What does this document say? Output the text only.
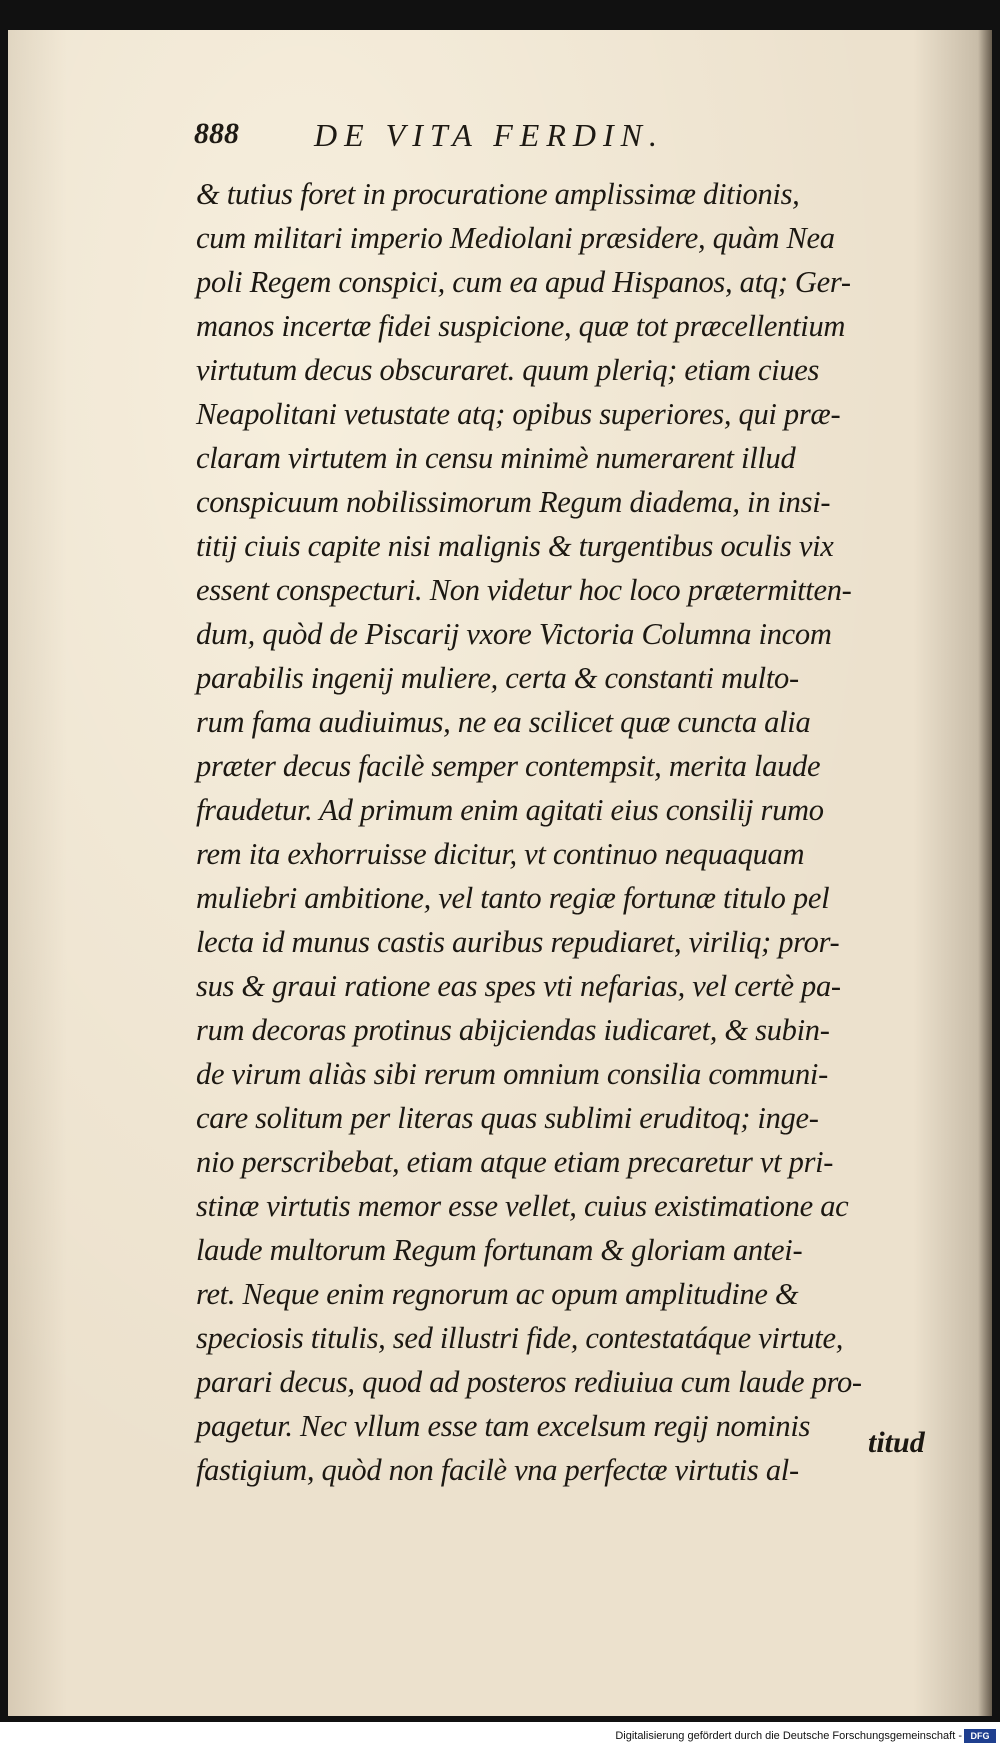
888 DE VITA FERDIN.
& tutius foret in procuratione amplissimæ ditionis,
cum militari imperio Mediolani præsidere, quàm Nea
poli Regem conspici, cum ea apud Hispanos, atq; Ger-
manos incertæ fidei suspicione, quæ tot præcellentium
virtutum decus obscuraret. quum pleriq; etiam ciues
Neapolitani vetustate atq; opibus superiores, qui præ-
claram virtutem in censu minimè numerarent illud
conspicuum nobilissimorum Regum diadema, in insi-
titij ciuis capite nisi malignis & turgentibus oculis vix
essent conspecturi. Non videtur hoc loco prætermitten-
dum, quòd de Piscarij vxore Victoria Columna incom
parabilis ingenij muliere, certa & constanti multo-
rum fama audiuimus, ne ea scilicet quæ cuncta alia
præter decus facilè semper contempsit, merita laude
fraudetur. Ad primum enim agitati eius consilij rumo
rem ita exhorruisse dicitur, vt continuo nequaquam
muliebri ambitione, vel tanto regiæ fortunæ titulo pel
lecta id munus castis auribus repudiaret, viriliq; pror-
sus & graui ratione eas spes vti nefarias, vel certè pa-
rum decoras protinus abijciendas iudicaret, & subin-
de virum aliàs sibi rerum omnium consilia communi-
care solitum per literas quas sublimi eruditoq; inge-
nio perscribebat, etiam atque etiam precaretur vt pri-
stinæ virtutis memor esse vellet, cuius existimatione ac
laude multorum Regum fortunam & gloriam antei-
ret. Neque enim regnorum ac opum amplitudine &
speciosis titulis, sed illustri fide, contestatáque virtute,
parari decus, quod ad posteros rediuiua cum laude pro-
pagetur. Nec vllum esse tam excelsum regij nominis
fastigium, quòd non facilè vna perfectæ virtutis al-
titud
Digitalisierung gefördert durch die Deutsche Forschungsgemeinschaft - DFG
